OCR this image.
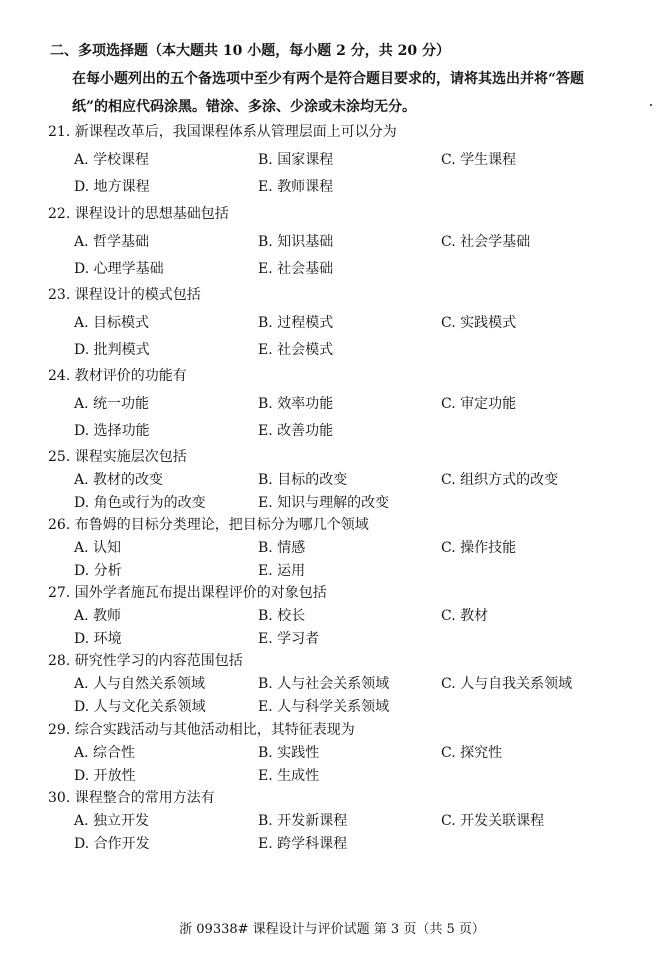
二、多项选择题（本大题共 10 小题，每小题 2 分，共 20 分）
在每小题列出的五个备选项中至少有两个是符合题目要求的，请将其选出并将“答题
纸”的相应代码涂黑。错涂、多涂、少涂或未涂均无分。
21. 新课程改革后，我国课程体系从管理层面上可以分为
A. 学校课程	B. 国家课程	C. 学生课程
D. 地方课程	E. 教师课程
22. 课程设计的思想基础包括
A. 哲学基础	B. 知识基础	C. 社会学基础
D. 心理学基础	E. 社会基础
23. 课程设计的模式包括
A. 目标模式	B. 过程模式	C. 实践模式
D. 批判模式	E. 社会模式
24. 教材评价的功能有
A. 统一功能	B. 效率功能	C. 审定功能
D. 选择功能	E. 改善功能
25. 课程实施层次包括
A. 教材的改变	B. 目标的改变	C. 组织方式的改变
D. 角色或行为的改变	E. 知识与理解的改变
26. 布鲁姆的目标分类理论，把目标分为哪几个领域
A. 认知	B. 情感	C. 操作技能
D. 分析	E. 运用
27. 国外学者施瓦布提出课程评价的对象包括
A. 教师	B. 校长	C. 教材
D. 环境	E. 学习者
28. 研究性学习的内容范围包括
A. 人与自然关系领域	B. 人与社会关系领域	C. 人与自我关系领域
D. 人与文化关系领域	E. 人与科学关系领域
29. 综合实践活动与其他活动相比，其特征表现为
A. 综合性	B. 实践性	C. 探究性
D. 开放性	E. 生成性
30. 课程整合的常用方法有
A. 独立开发	B. 开发新课程	C. 开发关联课程
D. 合作开发	E. 跨学科课程
浙 09338# 课程设计与评价试题 第 3 页（共 5 页）
